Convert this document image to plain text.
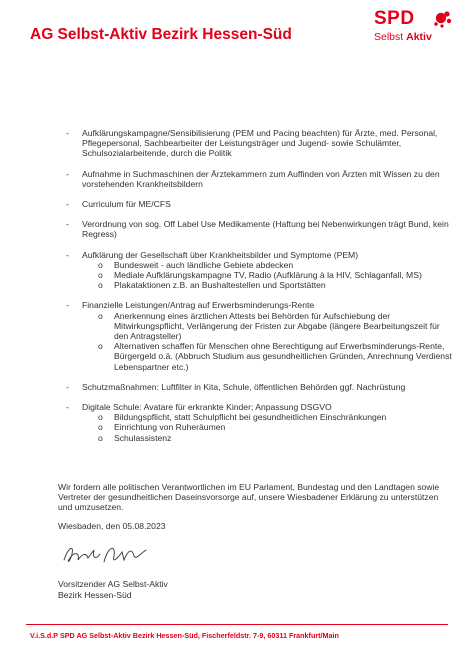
AG Selbst-Aktiv Bezirk Hessen-Süd
SPD
Selbst Aktiv
- Aufklärungskampagne/Sensibilisierung (PEM und Pacing beachten) für Ärzte, med. Personal, Pflegepersonal, Sachbearbeiter der Leistungsträger und Jugend- sowie Schulämter, Schulsozialarbeitende, durch die Politik
- Aufnahme in Suchmaschinen der Ärztekammern zum Auffinden von Ärzten mit Wissen zu den vorstehenden Krankheitsbildern
- Curriculum für ME/CFS
- Verordnung von sog. Off Label Use Medikamente (Haftung bei Nebenwirkungen trägt Bund, kein Regress)
- Aufklärung der Gesellschaft über Krankheitsbilder und Symptome (PEM)
o Bundesweit - auch ländliche Gebiete abdecken
o Mediale Aufklärungskampagne TV, Radio (Aufklärung à la HIV, Schlaganfall, MS)
o Plakataktionen z.B. an Bushaltestellen und Sportstätten
- Finanzielle Leistungen/Antrag auf Erwerbsminderungs-Rente
o Anerkennung eines ärztlichen Attests bei Behörden für Aufschiebung der Mitwirkungspflicht, Verlängerung der Fristen zur Abgabe (längere Bearbeitungszeit für den Antragsteller)
o Alternativen schaffen für Menschen ohne Berechtigung auf Erwerbsminderungs-Rente, Bürgergeld o.ä. (Abbruch Studium aus gesundheitlichen Gründen, Anrechnung Verdienst Lebenspartner etc.)
- Schutzmaßnahmen: Luftfilter in Kita, Schule, öffentlichen Behörden ggf. Nachrüstung
- Digitale Schule: Avatare für erkrankte Kinder; Anpassung DSGVO
o Bildungspflicht, statt Schulpflicht bei gesundheitlichen Einschränkungen
o Einrichtung von Ruheräumen
o Schulassistenz
Wir fordern alle politischen Verantwortlichen im EU Parlament, Bundestag und den Landtagen sowie Vertreter der gesundheitlichen Daseinsvorsorge auf, unsere Wiesbadener Erklärung zu unterstützen und umzusetzen.
Wiesbaden, den 05.08.2023
Vorsitzender AG Selbst-Aktiv
Bezirk Hessen-Süd
V.i.S.d.P SPD AG Selbst-Aktiv Bezirk Hessen-Süd, Fischerfeldstr. 7-9, 60311 Frankfurt/Main
